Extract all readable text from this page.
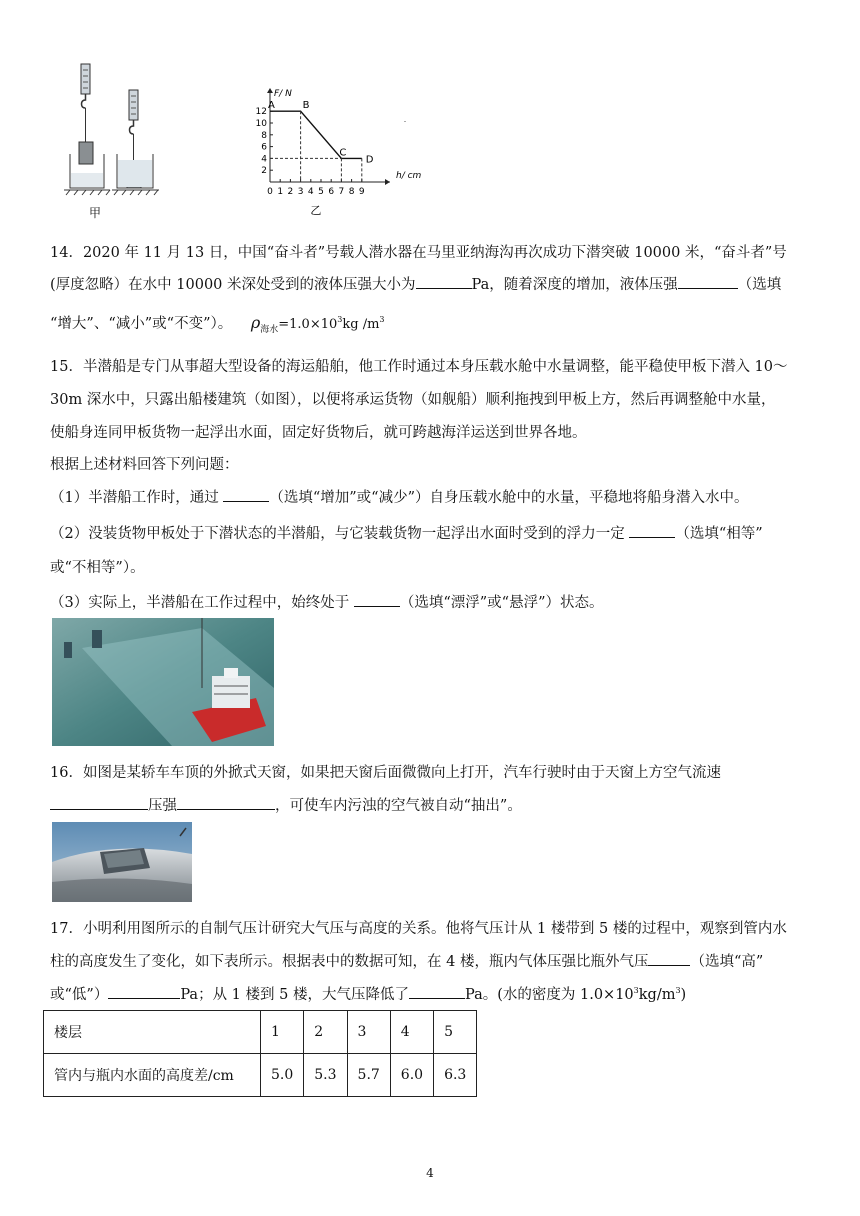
甲
12
10
8
6
4
2
0 1 2 3 4 5 6 7 8 9
F/ N
h/ cm
A	B
C
D
乙
14．2020 年 11 月 13 日，中国“奋斗者”号载人潜水器在马里亚纳海沟再次成功下潜突破 10000 米，“奋斗者”号
(厚度忽略）在水中 10000 米深处受到的液体压强大小为	Pa，随着深度的增加，液体压强	（选填
“增大”、“减小”或“不变”）。 $\rho_{海水}=1.0\times 10^3kg$ $/m^3$
15．半潜船是专门从事超大型设备的海运船舶，他工作时通过本身压载水舱中水量调整，能平稳使甲板下潜入 10～
30m 深水中，只露出船楼建筑（如图），以便将承运货物（如舰船）顺利拖拽到甲板上方，然后再调整舱中水量，
使船身连同甲板货物一起浮出水面，固定好货物后，就可跨越海洋运送到世界各地。
根据上述材料回答下列问题：
（1）半潜船工作时，通过	（选填“增加”或“减少”）自身压载水舱中的水量，平稳地将船身潜入水中。
（2）没装货物甲板处于下潜状态的半潜船，与它装载货物一起浮出水面时受到的浮力一定	（选填“相等”
或“不相等”）。
（3）实际上，半潜船在工作过程中，始终处于	（选填“漂浮”或“悬浮”）状态。
16．如图是某轿车车顶的外掀式天窗，如果把天窗后面微微向上打开，汽车行驶时由于天窗上方空气流速
压强	，可使车内污浊的空气被自动“抽出”。
17．小明利用图所示的自制气压计研究大气压与高度的关系。他将气压计从 1 楼带到 5 楼的过程中，观察到管内水
柱的高度发生了变化，如下表所示。根据表中的数据可知，在 4 楼，瓶内气体压强比瓶外气压	（选填“高”
或“低”）	Pa；从 1 楼到 5 楼，大气压降低了	Pa。(水的密度为 $1.0\times 10^3kg/m^3$)
楼层	1	2	3	4	5
管内与瓶内水面的高度差/cm	5.0	5.3	5.7	6.0	6.3
4
